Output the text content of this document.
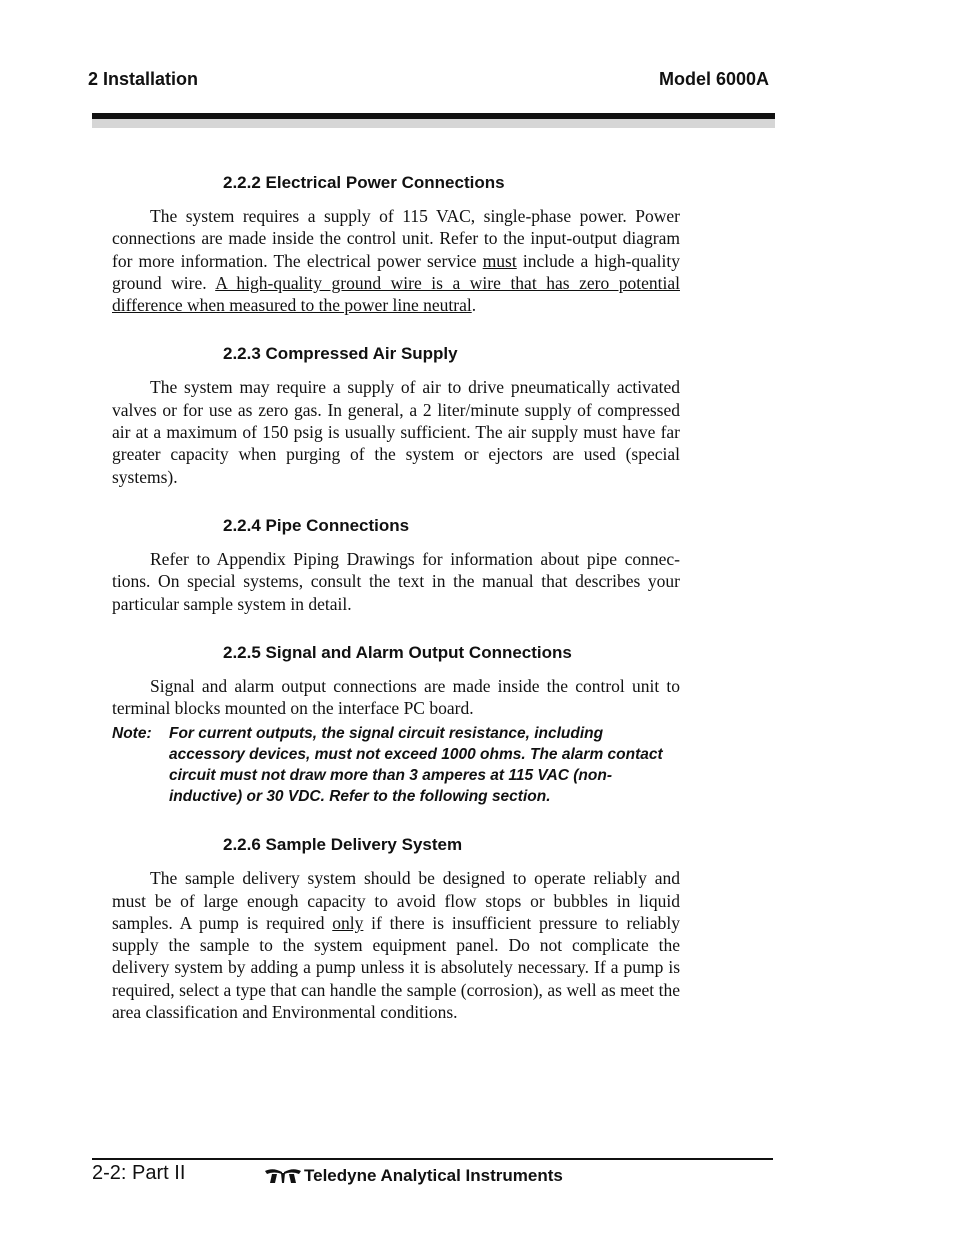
2 Installation	Model 6000A
2.2.2 Electrical Power Connections

The system requires a supply of 115 VAC, single-phase power. Power connections are made inside the control unit. Refer to the input-output diagram for more information. The electrical power service must include a high-quality ground wire. A high-quality ground wire is a wire that has zero potential difference when measured to the power line neutral.

2.2.3 Compressed Air Supply

The system may require a supply of air to drive pneumatically activated valves or for use as zero gas. In general, a 2 liter/minute supply of compressed air at a maximum of 150 psig is usually sufficient. The air supply must have far greater capacity when purging of the system or ejectors are used (special systems).

2.2.4 Pipe Connections

Refer to Appendix Piping Drawings for information about pipe connec-tions. On special systems, consult the text in the manual that describes your particular sample system in detail.

2.2.5 Signal and Alarm Output Connections

Signal and alarm output connections are made inside the control unit to terminal blocks mounted on the interface PC board.

Note: For current outputs, the signal circuit resistance, including accessory devices, must not exceed 1000 ohms. The alarm contact circuit must not draw more than 3 amperes at 115 VAC (non-inductive) or 30 VDC. Refer to the following section.
2.2.6 Sample Delivery System

The sample delivery system should be designed to operate reliably and must be of large enough capacity to avoid flow stops or bubbles in liquid samples. A pump is required only if there is insufficient pressure to reliably supply the sample to the system equipment panel. Do not complicate the delivery system by adding a pump unless it is absolutely necessary. If a pump is required, select a type that can handle the sample (corrosion), as well as meet the area classification and Environmental conditions.

2-2: Part II	Teledyne Analytical Instruments
